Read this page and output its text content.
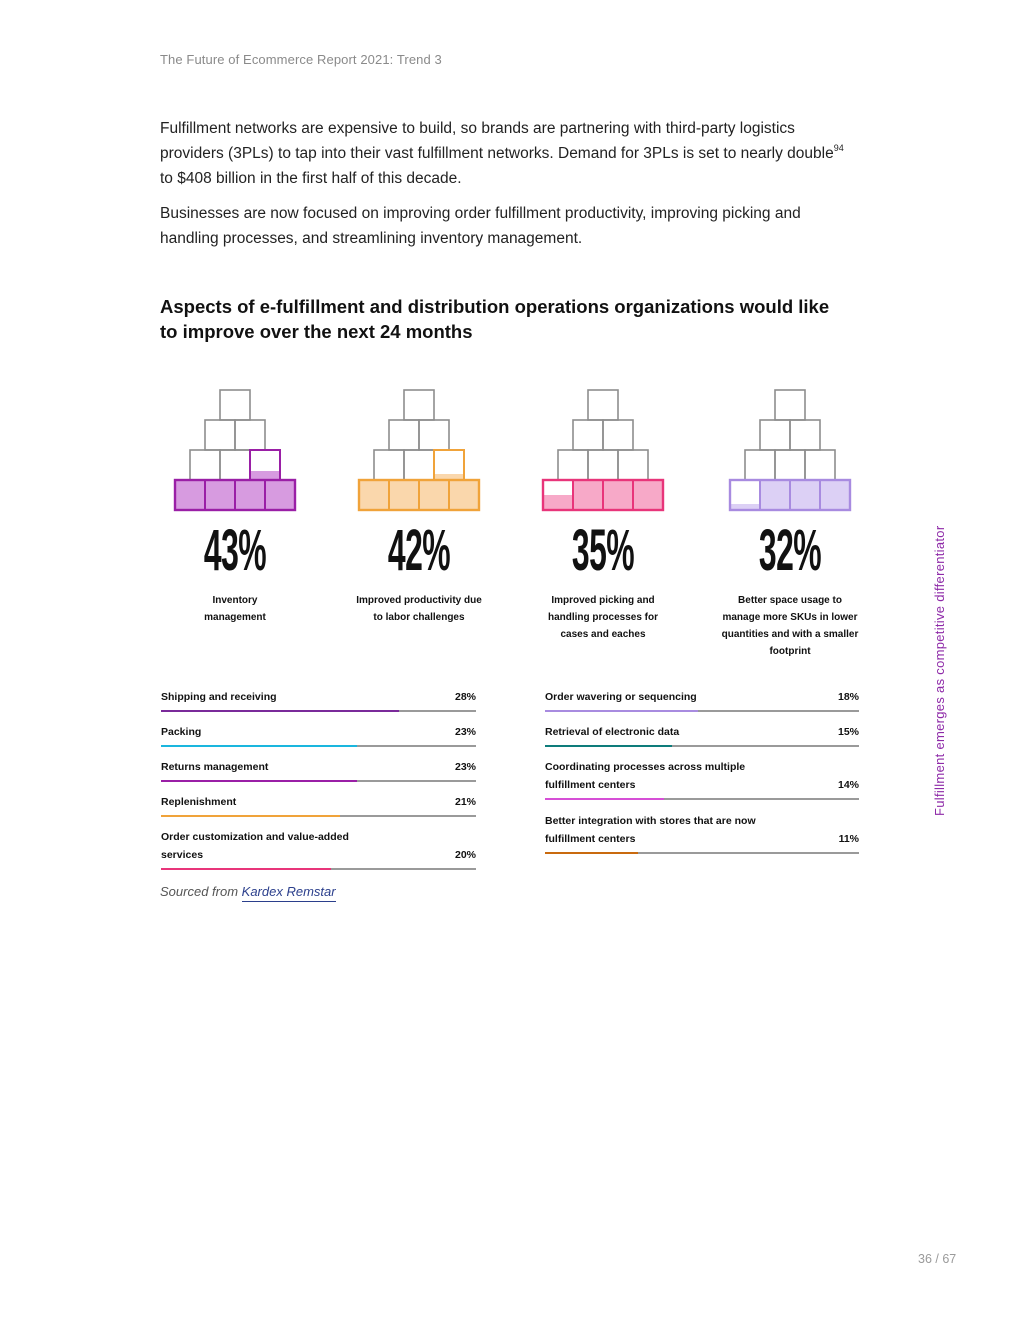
The Future of Ecommerce Report 2021: Trend 3

Fulfillment networks are expensive to build, so brands are partnering with third-party logistics providers (3PLs) to tap into their vast fulfillment networks. Demand for 3PLs is set to nearly double$^{94}$ to $408 billion in the first half of this decade.

Businesses are now focused on improving order fulfillment productivity, improving picking and handling processes, and streamlining inventory management.

Aspects of e-fulfillment and distribution operations organizations would like to improve over the next 24 months
43%
Inventory management
42%
Improved productivity due to labor challenges
35%
Improved picking and handling processes for cases and eaches
32%
Better space usage to manage more SKUs in lower quantities and with a smaller footprint
Shipping and receiving	28%
Packing	23%
Returns management	23%
Replenishment	21%
Order customization and value-added services	20%
Order wavering or sequencing	18%
Retrieval of electronic data	15%
Coordinating processes across multiple fulfillment centers	14%
Better integration with stores that are now fulfillment centers	11%
Sourced from Kardex Remstar
Fulfillment emerges as competitive differentiator
36 / 67
